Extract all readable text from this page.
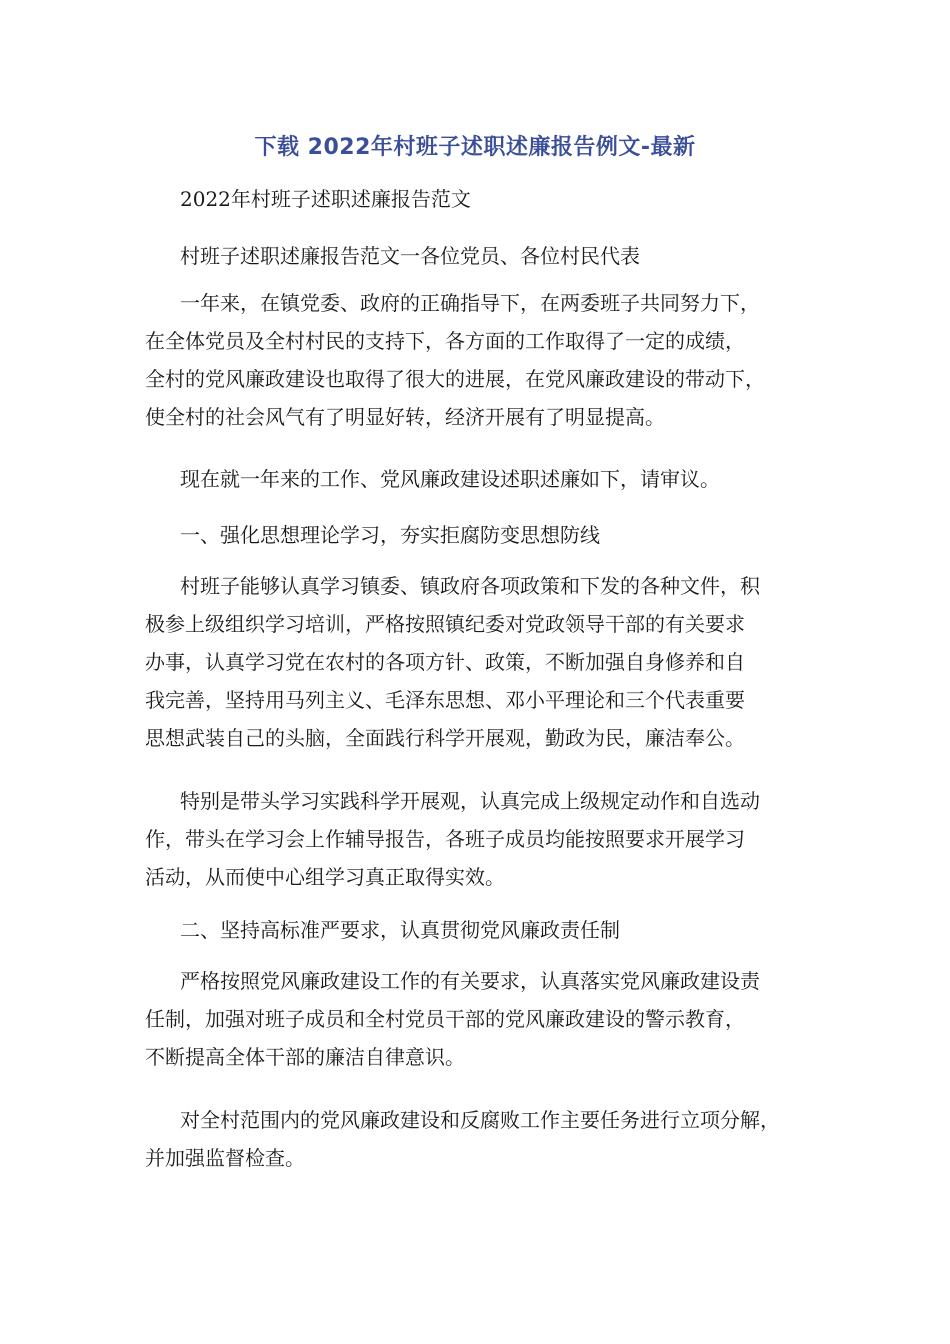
下载 2022年村班子述职述廉报告例文-最新
2022年村班子述职述廉报告范文
村班子述职述廉报告范文一各位党员、各位村民代表
一年来，在镇党委、政府的正确指导下，在两委班子共同努力下，
在全体党员及全村村民的支持下，各方面的工作取得了一定的成绩，
全村的党风廉政建设也取得了很大的进展，在党风廉政建设的带动下，
使全村的社会风气有了明显好转，经济开展有了明显提高。
现在就一年来的工作、党风廉政建设述职述廉如下，请审议。
一、强化思想理论学习，夯实拒腐防变思想防线
村班子能够认真学习镇委、镇政府各项政策和下发的各种文件，积
极参上级组织学习培训，严格按照镇纪委对党政领导干部的有关要求
办事，认真学习党在农村的各项方针、政策，不断加强自身修养和自
我完善，坚持用马列主义、毛泽东思想、邓小平理论和三个代表重要
思想武装自己的头脑，全面践行科学开展观，勤政为民，廉洁奉公。
特别是带头学习实践科学开展观，认真完成上级规定动作和自选动
作，带头在学习会上作辅导报告，各班子成员均能按照要求开展学习
活动，从而使中心组学习真正取得实效。
二、坚持高标准严要求，认真贯彻党风廉政责任制
严格按照党风廉政建设工作的有关要求，认真落实党风廉政建设责
任制，加强对班子成员和全村党员干部的党风廉政建设的警示教育，
不断提高全体干部的廉洁自律意识。
对全村范围内的党风廉政建设和反腐败工作主要任务进行立项分解，
并加强监督检查。
